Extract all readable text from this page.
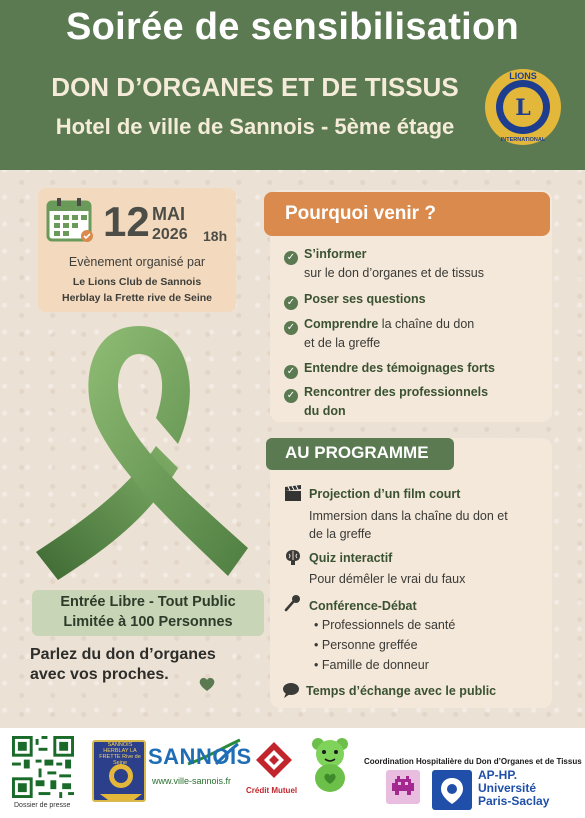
Soirée de sensibilisation
DON D’ORGANES ET DE TISSUS
Hotel de ville de Sannois - 5ème étage
L
LIONS
INTERNATIONAL
12 MAI
2026 18h
Evènement organisé par
Le Lions Club de Sannois
Herblay la Frette rive de Seine
Entrée Libre - Tout Public
Limitée à 100 Personnes
Parlez du don d’organes
avec vos proches.
Pourquoi venir ?
✓ S’informer
sur le don d’organes et de tissus
✓ Poser ses questions
✓ Comprendre la chaîne du don
et de la greffe
✓ Entendre des témoignages forts
✓ Rencontrer des professionnels
du don
AU PROGRAMME
Projection d’un film court
Immersion dans la chaîne du don et
de la greffe
Quiz interactif
Pour démêler le vrai du faux
Conférence-Débat
• Professionnels de santé
• Personne greffée
• Famille de donneur
Temps d’échange avec le public
Dossier de presse
SANNOIS HERBLAY LA FRETTE Rive de Seine SANNOIS
www.ville-sannois.fr
Crédit Mutuel
Coordination Hospitalière du Don d’Organes et de Tissus
AP-HP.
Université
Paris-Saclay
